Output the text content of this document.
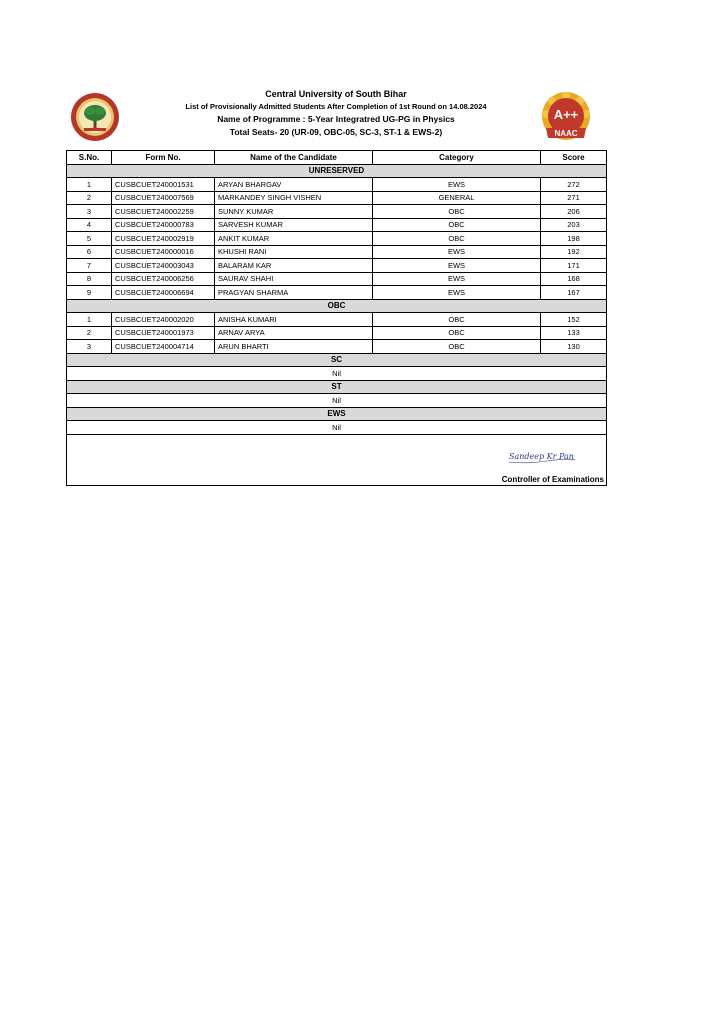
Central University of South Bihar
List of Provisionally Admitted Students After Completion of 1st Round on 14.08.2024
Name of Programme : 5-Year Integratred UG-PG in Physics
Total Seats- 20 (UR-09, OBC-05, SC-3, ST-1 & EWS-2)
A++
NAAC
S.No.	Form No.	Name of the Candidate	Category	Score
UNRESERVED				
1	CUSBCUET240001531	ARYAN BHARGAV	EWS	272
2	CUSBCUET240007569	MARKANDEY SINGH VISHEN	GENERAL	271
3	CUSBCUET240002259	SUNNY KUMAR	OBC	206
4	CUSBCUET240000783	SARVESH KUMAR	OBC	203
5	CUSBCUET240002919	ANKIT KUMAR	OBC	198
6	CUSBCUET240000016	KHUSHI RANI	EWS	192
7	CUSBCUET240003043	BALARAM KAR	EWS	171
8	CUSBCUET240006256	SAURAV SHAHI	EWS	168
9	CUSBCUET240006694	PRAGYAN SHARMA	EWS	167
OBC				
1	CUSBCUET240002020	ANISHA KUMARI	OBC	152
2	CUSBCUET240001973	ARNAV ARYA	OBC	133
3	CUSBCUET240004714	ARUN BHARTI	OBC	130
SC				
Nil				
ST				
Nil				
EWS				
Nil				

Sandeep Kr Pan
Controller of Examinations				
